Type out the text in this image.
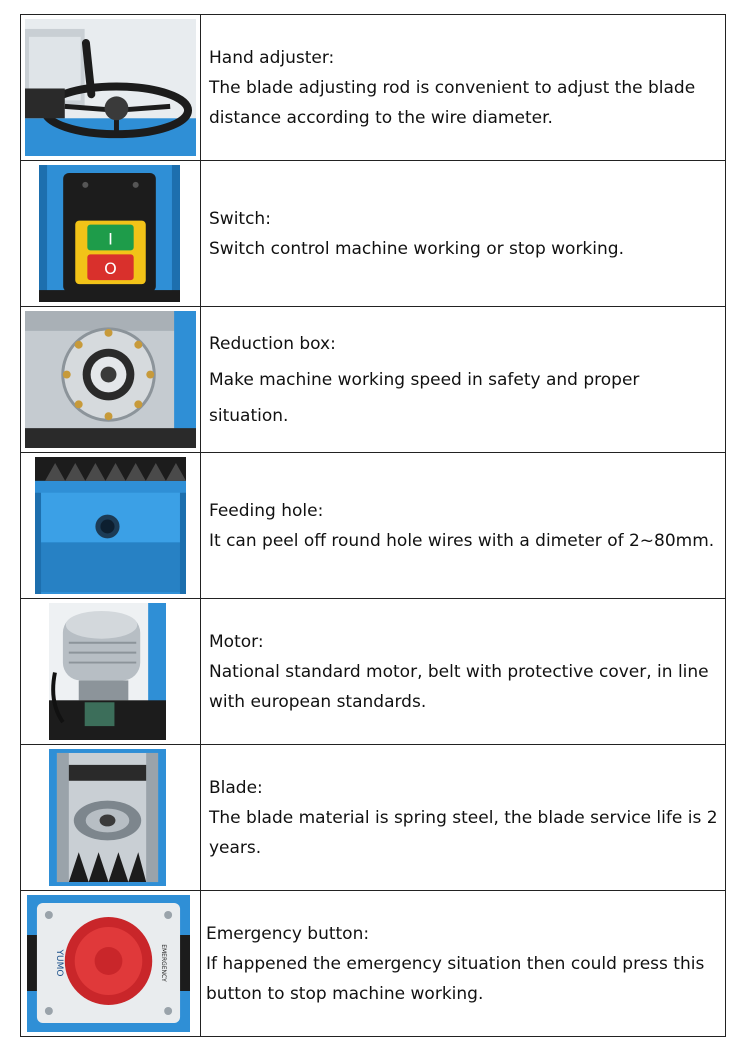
Hand adjuster:
The blade adjusting rod is convenient to adjust the blade distance according to the wire diameter.
I
O
Switch:
Switch control machine working or stop working.
Reduction box:
Make machine working speed in safety and proper situation.
Feeding hole:
It can peel off round hole wires with a dimeter of 2~80mm.
Motor:
National standard motor, belt with protective cover, in line with european standards.
Blade:
The blade material is spring steel, the blade service life is 2 years.
YUMO	EMERGENCY
Emergency button:
If happened the emergency situation then could press this button to stop machine working.
